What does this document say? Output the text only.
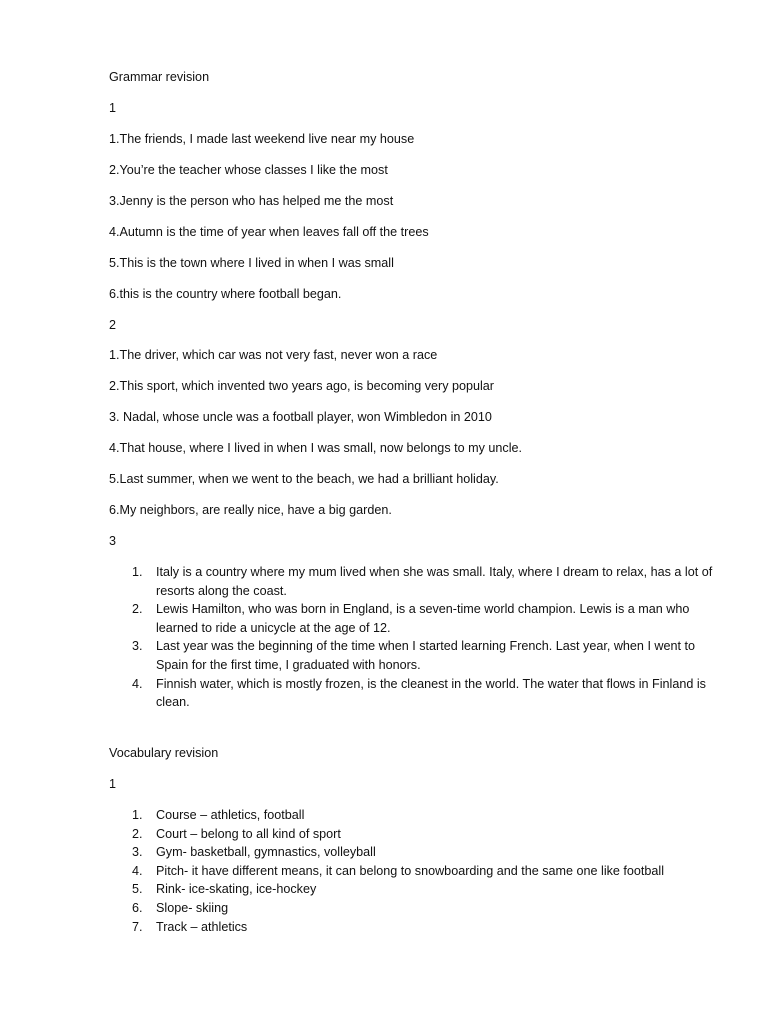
Grammar revision

1

1.The friends, I made last weekend live near my house

2.You’re the teacher whose classes I like the most

3.Jenny is the person who has helped me the most

4.Autumn is the time of year when leaves fall off the trees

5.This is the town where I lived in when I was small

6.this is the country where football began.

2

1.The driver, which car was not very fast, never won a race

2.This sport, which invented two years ago, is becoming very popular

3. Nadal, whose uncle was a football player, won Wimbledon in 2010

4.That house, where I lived in when I was small, now belongs to my uncle.

5.Last summer, when we went to the beach, we had a brilliant holiday.

6.My neighbors, are really nice, have a big garden.

3

1. Italy is a country where my mum lived when she was small. Italy, where I dream to relax, has a lot of resorts along the coast.
2. Lewis Hamilton, who was born in England, is a seven-time world champion. Lewis is a man who learned to ride a unicycle at the age of 12.
3. Last year was the beginning of the time when I started learning French. Last year, when I went to Spain for the first time, I graduated with honors.
4. Finnish water, which is mostly frozen, is the cleanest in the world. The water that flows in Finland is clean.

Vocabulary revision

1

1. Course – athletics, football
2. Court – belong to all kind of sport
3. Gym- basketball, gymnastics, volleyball
4. Pitch- it have different means, it can belong to snowboarding and the same one like football
5. Rink- ice-skating, ice-hockey
6. Slope- skiing
7. Track – athletics
